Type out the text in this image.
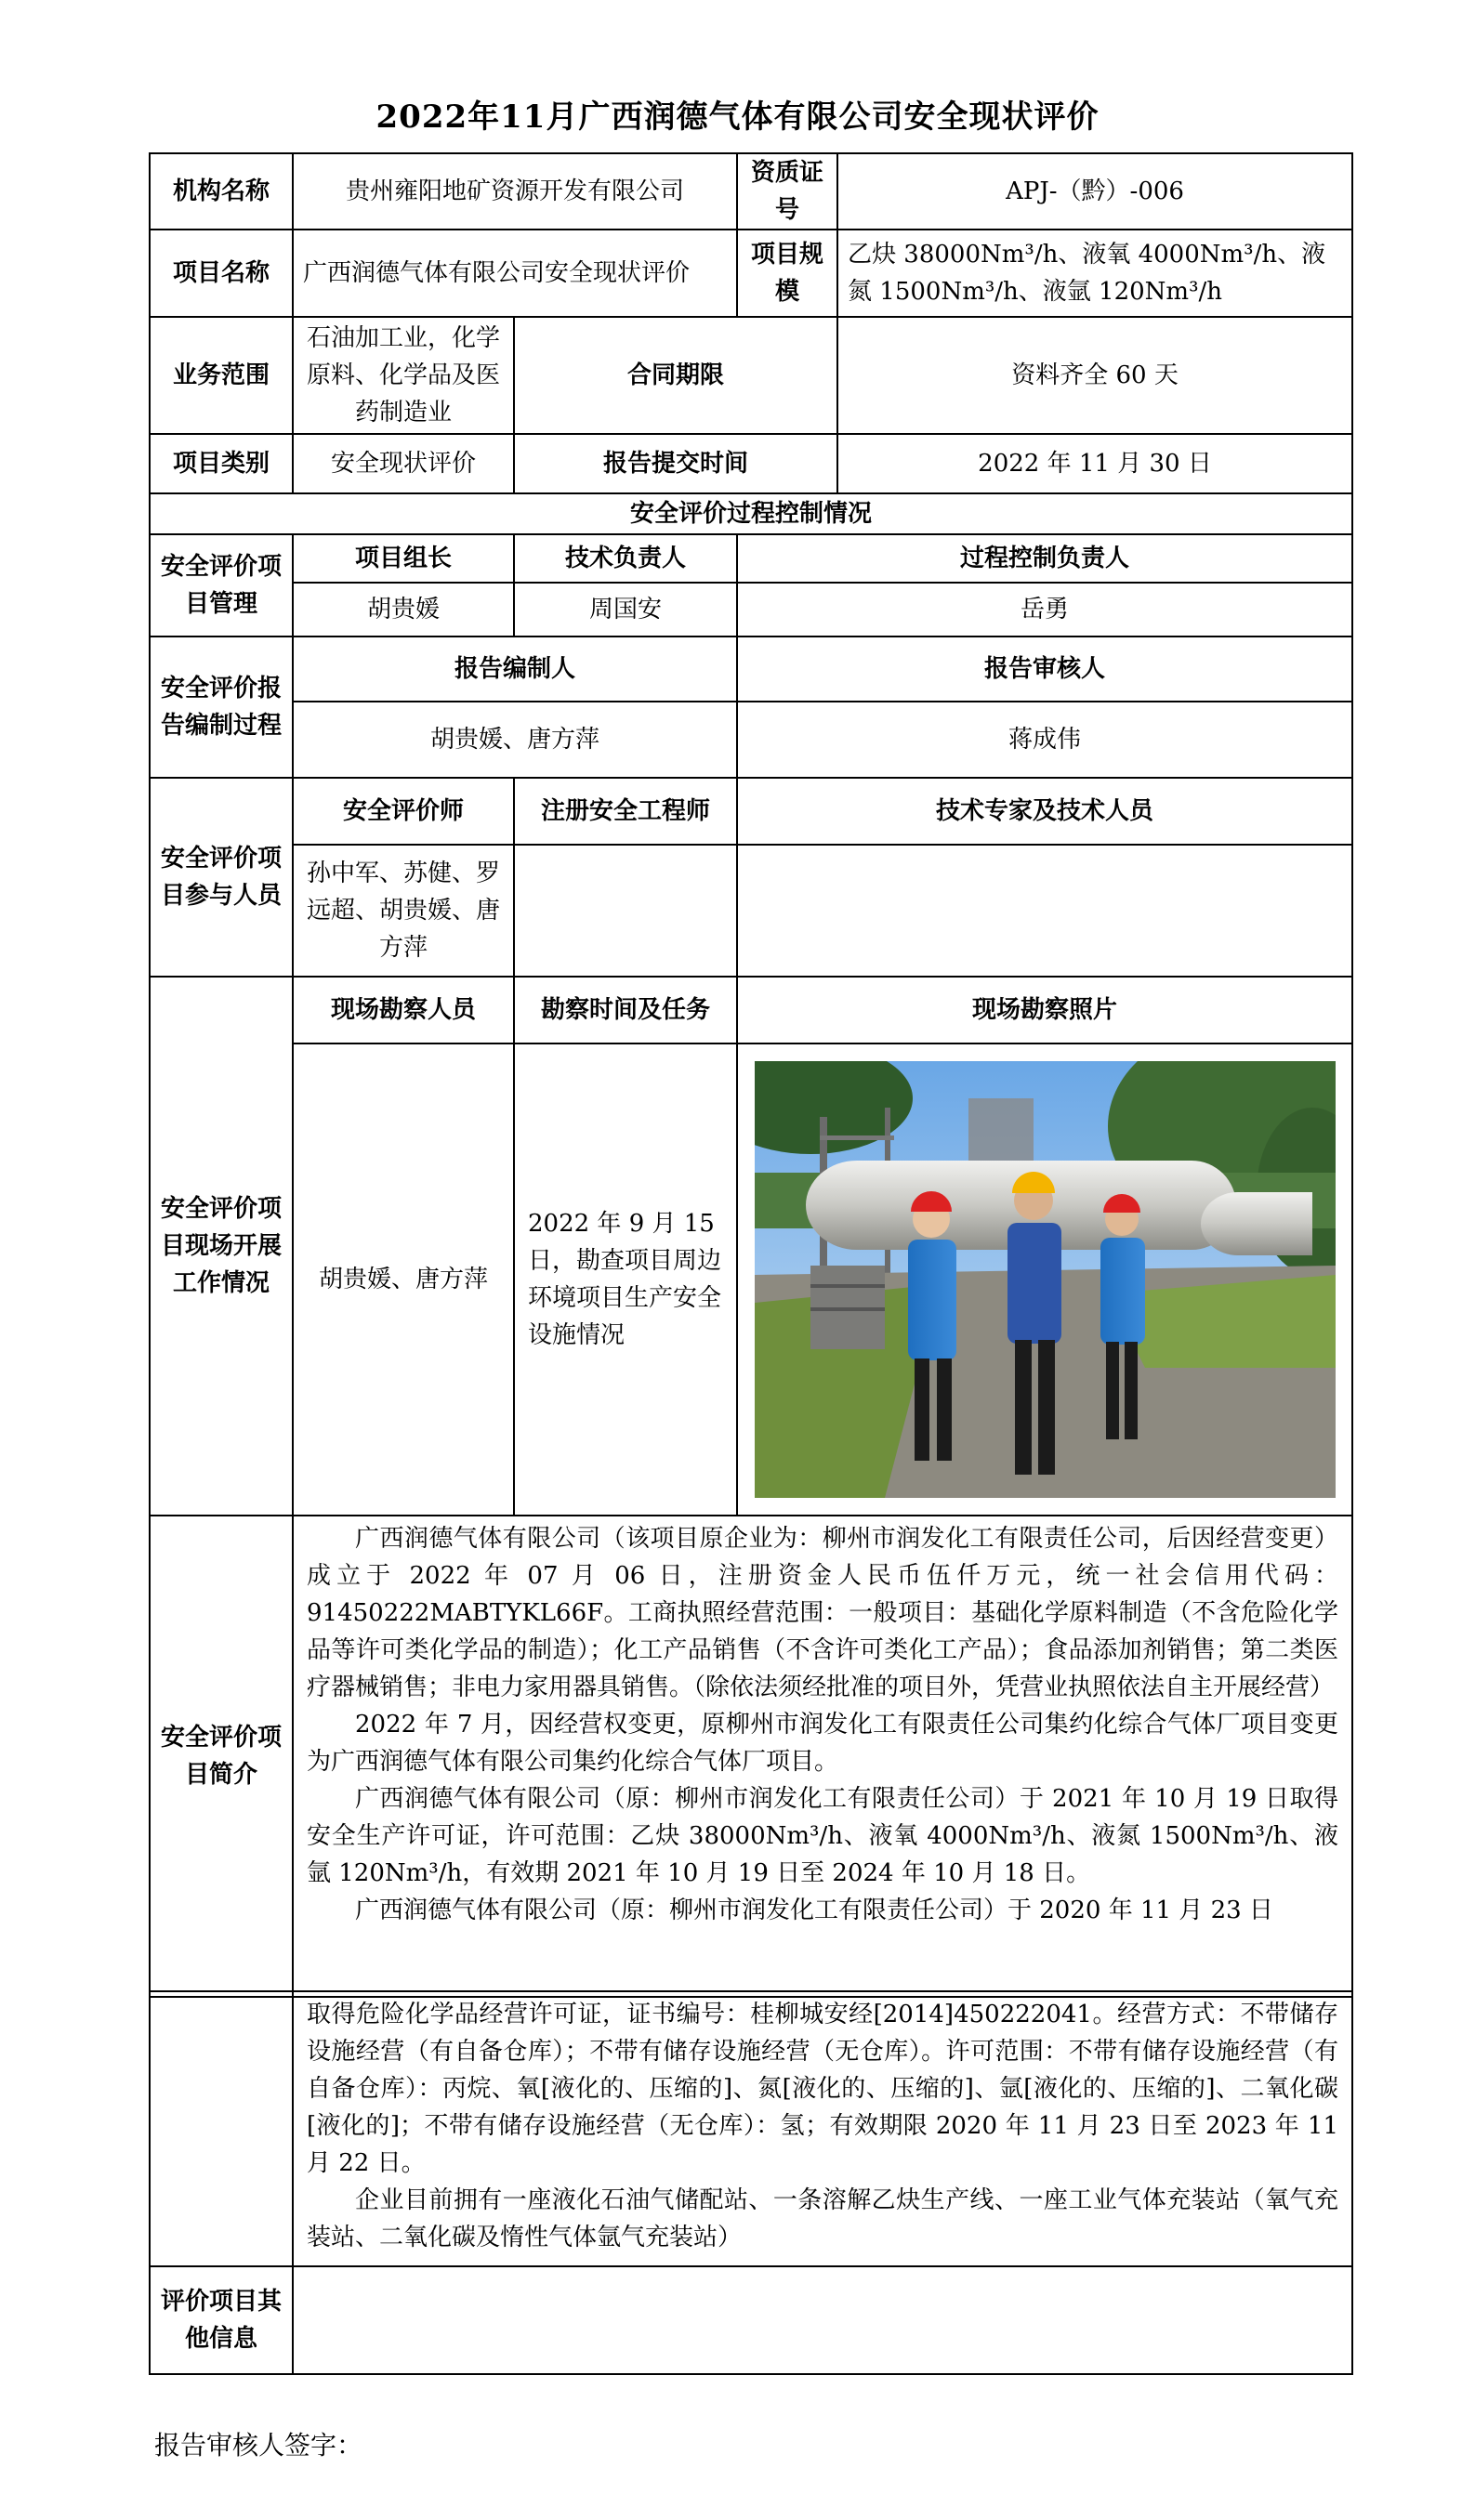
2022年11月广西润德气体有限公司安全现状评价
机构名称	贵州雍阳地矿资源开发有限公司		资质证号	APJ-（黔）-006
项目名称	广西润德气体有限公司安全现状评价		项目规模	乙炔 38000Nm³/h、液氧 4000Nm³/h、液氮 1500Nm³/h、液氩 120Nm³/h
业务范围	石油加工业，化学原料、化学品及医药制造业	合同期限		资料齐全 60 天
项目类别	安全现状评价	报告提交时间		2022 年 11 月 30 日
安全评价过程控制情况				
安全评价项目管理	项目组长	技术负责人	过程控制负责人	
	胡贵媛	周国安	岳勇	
安全评价报告编制过程	报告编制人		报告审核人	
	胡贵媛、唐方萍		蒋成伟	
安全评价项目参与人员	安全评价师	注册安全工程师	技术专家及技术人员	
	孙中军、苏健、罗远超、胡贵媛、唐方萍			
安全评价项目现场开展工作情况	现场勘察人员	勘察时间及任务	现场勘察照片	
	胡贵媛、唐方萍	2022 年 9 月 15 日，勘查项目周边环境项目生产安全设施情况	

安全评价项目简介	广西润德气体有限公司（该项目原企业为：柳州市润发化工有限责任公司，后因经营变更）成立于 2022 年 07 月 06 日，注册资金人民币伍仟万元，统一社会信用代码：91450222MABTYKL66F。工商执照经营范围：一般项目：基础化学原料制造（不含危险化学品等许可类化学品的制造）；化工产品销售（不含许可类化工产品）；食品添加剂销售；第二类医疗器械销售；非电力家用器具销售。（除依法须经批准的项目外，凭营业执照依法自主开展经营）

2022 年 7 月，因经营权变更，原柳州市润发化工有限责任公司集约化综合气体厂项目变更为广西润德气体有限公司集约化综合气体厂项目。

广西润德气体有限公司（原：柳州市润发化工有限责任公司）于 2021 年 10 月 19 日取得安全生产许可证，许可范围：乙炔 38000Nm³/h、液氧 4000Nm³/h、液氮 1500Nm³/h、液氩 120Nm³/h，有效期 2021 年 10 月 19 日至 2024 年 10 月 18 日。

广西润德气体有限公司（原：柳州市润发化工有限责任公司）于 2020 年 11 月 23 日			

	取得危险化学品经营许可证，证书编号：桂柳城安经[2014]450222041。经营方式：不带储存设施经营（有自备仓库）；不带有储存设施经营（无仓库）。许可范围：不带有储存设施经营（有自备仓库）：丙烷、氧[液化的、压缩的]、氮[液化的、压缩的]、氩[液化的、压缩的]、二氧化碳[液化的]；不带有储存设施经营（无仓库）：氢；有效期限 2020 年 11 月 23 日至 2023 年 11 月 22 日。

企业目前拥有一座液化石油气储配站、一条溶解乙炔生产线、一座工业气体充装站（氧气充装站、二氧化碳及惰性气体氩气充装站）

评价项目其他信息	
报告审核人签字：
